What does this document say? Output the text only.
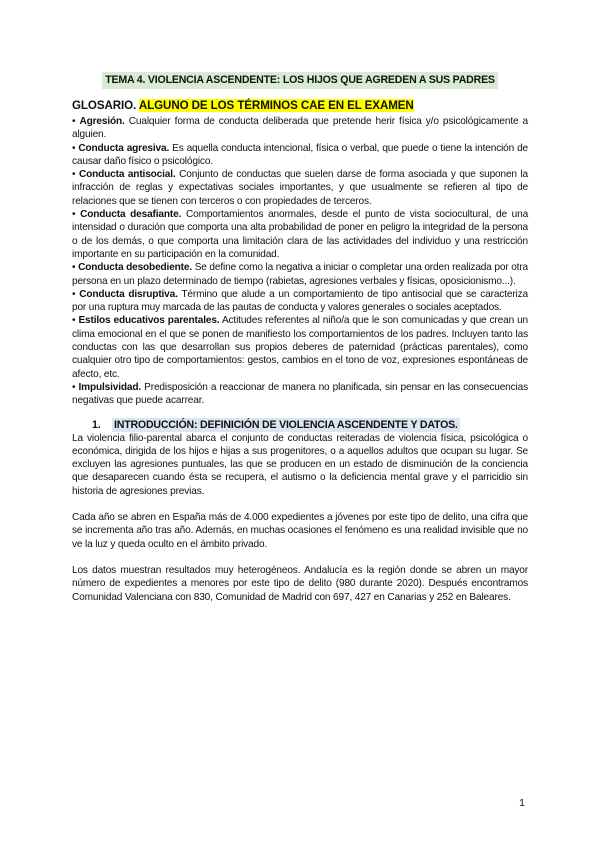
TEMA 4. VIOLENCIA ASCENDENTE: LOS HIJOS QUE AGREDEN A SUS PADRES
GLOSARIO. ALGUNO DE LOS TÉRMINOS CAE EN EL EXAMEN

• Agresión. Cualquier forma de conducta deliberada que pretende herir física y/o psicológicamente a alguien.

• Conducta agresiva. Es aquella conducta intencional, física o verbal, que puede o tiene la intención de causar daño físico o psicológico.

• Conducta antisocial. Conjunto de conductas que suelen darse de forma asociada y que suponen la infracción de reglas y expectativas sociales importantes, y que usualmente se refieren al tipo de relaciones que se tienen con terceros o con propiedades de terceros.

• Conducta desafiante. Comportamientos anormales, desde el punto de vista sociocultural, de una intensidad o duración que comporta una alta probabilidad de poner en peligro la integridad de la persona o de los demás, o que comporta una limitación clara de las actividades del individuo y una restricción importante en su participación en la comunidad.

• Conducta desobediente. Se define como la negativa a iniciar o completar una orden realizada por otra persona en un plazo determinado de tiempo (rabietas, agresiones verbales y físicas, oposicionismo...).

• Conducta disruptiva. Término que alude a un comportamiento de tipo antisocial que se caracteriza por una ruptura muy marcada de las pautas de conducta y valores generales o sociales aceptados.

• Estilos educativos parentales. Actitudes referentes al niño/a que le son comunicadas y que crean un clima emocional en el que se ponen de manifiesto los comportamientos de los padres. Incluyen tanto las conductas con las que desarrollan sus propios deberes de paternidad (prácticas parentales), como cualquier otro tipo de comportamientos: gestos, cambios en el tono de voz, expresiones espontáneas de afecto, etc.

• Impulsividad. Predisposición a reaccionar de manera no planificada, sin pensar en las consecuencias negativas que puede acarrear.

1. INTRODUCCIÓN: DEFINICIÓN DE VIOLENCIA ASCENDENTE Y DATOS.

La violencia filio-parental abarca el conjunto de conductas reiteradas de violencia física, psicológica o económica, dirigida de los hijos e hijas a sus progenitores, o a aquellos adultos que ocupan su lugar. Se excluyen las agresiones puntuales, las que se producen en un estado de disminución de la conciencia que desaparecen cuando ésta se recupera, el autismo o la deficiencia mental grave y el parricidio sin historia de agresiones previas.

Cada año se abren en España más de 4.000 expedientes a jóvenes por este tipo de delito, una cifra que se incrementa año tras año. Además, en muchas ocasiones el fenómeno es una realidad invisible que no ve la luz y queda oculto en el ámbito privado.

Los datos muestran resultados muy heterogéneos. Andalucía es la región donde se abren un mayor número de expedientes a menores por este tipo de delito (980 durante 2020). Después encontramos Comunidad Valenciana con 830, Comunidad de Madrid con 697, 427 en Canarias y 252 en Baleares.

1
